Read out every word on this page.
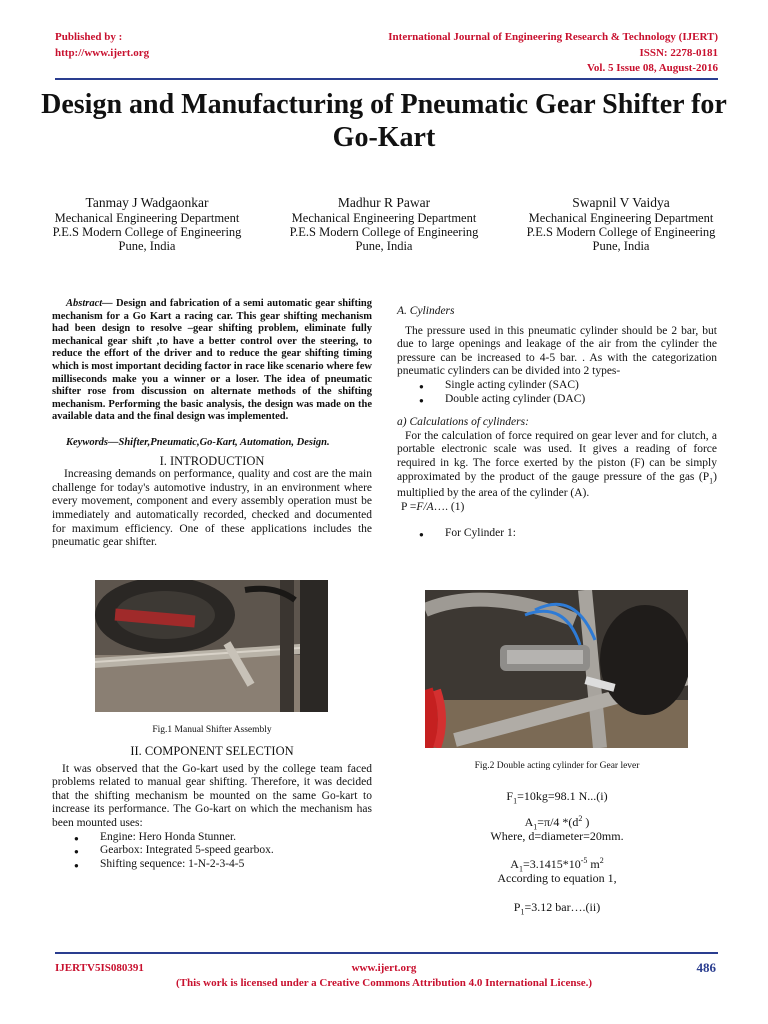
Published by :
http://www.ijert.org
International Journal of Engineering Research & Technology (IJERT)
ISSN: 2278-0181
Vol. 5 Issue 08, August-2016
Design and Manufacturing of Pneumatic Gear Shifter for Go-Kart
Tanmay J Wadgaonkar
Mechanical Engineering Department
P.E.S Modern College of Engineering
Pune, India
Madhur R Pawar
Mechanical Engineering Department
P.E.S Modern College of Engineering
Pune, India
Swapnil V Vaidya
Mechanical Engineering Department
P.E.S Modern College of Engineering
Pune, India
Abstract— Design and fabrication of a semi automatic gear shifting mechanism for a Go Kart a racing car. This gear shifting mechanism had been design to resolve –gear shifting problem, eliminate fully mechanical gear shift ,to have a better control over the steering, to reduce the effort of the driver and to reduce the gear shifting timing which is most important deciding factor in race like scenario where few milliseconds make you a winner or a loser. The idea of pneumatic shifter rose from discussion on alternate methods of the shifting mechanism. Performing the basic analysis, the design was made on the available data and the final design was implemented.
Keywords—Shifter,Pneumatic,Go-Kart, Automation, Design.
I. INTRODUCTION
Increasing demands on performance, quality and cost are the main challenge for today's automotive industry, in an environment where every movement, component and every assembly operation must be immediately and automatically recorded, checked and documented for maximum efficiency. One of these applications includes the pneumatic gear shifter.
Fig.1 Manual Shifter Assembly
II. COMPONENT SELECTION
It was observed that the Go-kart used by the college team faced problems related to manual gear shifting. Therefore, it was decided that the shifting mechanism be mounted on the same Go-kart to increase its performance. The Go-kart on which the mechanism has been mounted uses:
● Engine: Hero Honda Stunner.
● Gearbox: Integrated 5-speed gearbox.
● Shifting sequence: 1-N-2-3-4-5
A. Cylinders
The pressure used in this pneumatic cylinder should be 2 bar, but due to large openings and leakage of the air from the cylinder the pressure can be increased to 4-5 bar. . As with the categorization pneumatic cylinders can be divided into 2 types-
● Single acting cylinder (SAC)
● Double acting cylinder (DAC)
a) Calculations of cylinders:
For the calculation of force required on gear lever and for clutch, a portable electronic scale was used. It gives a reading of force required in kg. The force exerted by the piston (F) can be simply approximated by the product of the gauge pressure of the gas $(P_1)$ multiplied by the area of the cylinder (A).
P =F/A…. (1)
● For Cylinder 1:
Fig.2 Double acting cylinder for Gear lever
$F_1=10kg=98.1$ N...(i)
$A_1=\pi/4$ $*(d^2$ )
Where, d=diameter=20mm.
$A_1=3.1415*10^{-5}$ $m^2$
According to equation 1,
$P_1=3.12$ bar….(ii)
IJERTV5IS080391	www.ijert.org	486
(This work is licensed under a Creative Commons Attribution 4.0 International License.)
